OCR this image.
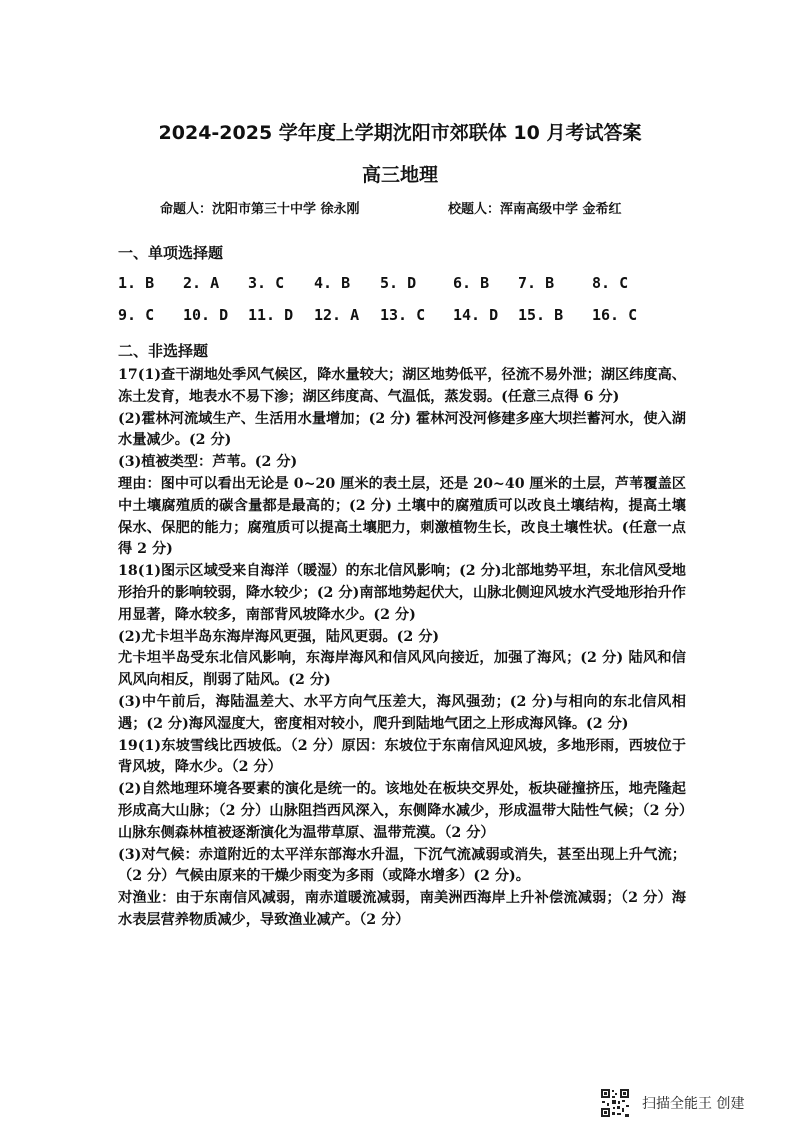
2024-2025 学年度上学期沈阳市郊联体 10 月考试答案
高三地理
命题人：沈阳市第三十中学 徐永刚	校题人：浑南高级中学 金希红
一、单项选择题
1. B 2. A 3. C 4. B 5. D 6. B 7. B	8. C
9. C 10. D 11. D 12. A 13. C 14. D 15. B 16. C
二、非选择题

17(1)查干湖地处季风气候区，降水量较大；湖区地势低平，径流不易外泄；湖区纬度高、冻土发育，地表水不易下渗；湖区纬度高、气温低，蒸发弱。(任意三点得 6 分)

(2)霍林河流域生产、生活用水量增加；(2 分) 霍林河没河修建多座大坝拦蓄河水，使入湖水量减少。(2 分)

(3)植被类型：芦苇。(2 分)

理由：图中可以看出无论是 0~20 厘米的表土层，还是 20~40 厘米的土层，芦苇覆盖区中土壤腐殖质的碳含量都是最高的；(2 分) 土壤中的腐殖质可以改良土壤结构，提高土壤保水、保肥的能力；腐殖质可以提高土壤肥力，刺激植物生长，改良土壤性状。(任意一点得 2 分)

18(1)图示区域受来自海洋（暖湿）的东北信风影响；(2 分)北部地势平坦，东北信风受地形抬升的影响较弱，降水较少；(2 分)南部地势起伏大，山脉北侧迎风坡水汽受地形抬升作用显著，降水较多，南部背风坡降水少。(2 分)

(2)尤卡坦半岛东海岸海风更强，陆风更弱。(2 分)

尤卡坦半岛受东北信风影响，东海岸海风和信风风向接近，加强了海风；(2 分) 陆风和信风风向相反，削弱了陆风。(2 分)

(3)中午前后，海陆温差大、水平方向气压差大，海风强劲；(2 分)与相向的东北信风相遇；(2 分)海风湿度大，密度相对较小，爬升到陆地气团之上形成海风锋。(2 分)

19(1)东坡雪线比西坡低。（2 分）原因：东坡位于东南信风迎风坡，多地形雨，西坡位于背风坡，降水少。（2 分）

(2)自然地理环境各要素的演化是统一的。该地处在板块交界处，板块碰撞挤压，地壳隆起形成高大山脉；（2 分）山脉阻挡西风深入，东侧降水减少，形成温带大陆性气候；（2 分）山脉东侧森林植被逐渐演化为温带草原、温带荒漠。（2 分）

(3)对气候：赤道附近的太平洋东部海水升温，下沉气流减弱或消失，甚至出现上升气流；（2 分）气候由原来的干燥少雨变为多雨（或降水增多）(2 分)。

对渔业：由于东南信风减弱，南赤道暖流减弱，南美洲西海岸上升补偿流减弱；（2 分）海水表层营养物质减少，导致渔业减产。（2 分）

扫描全能王 创建
